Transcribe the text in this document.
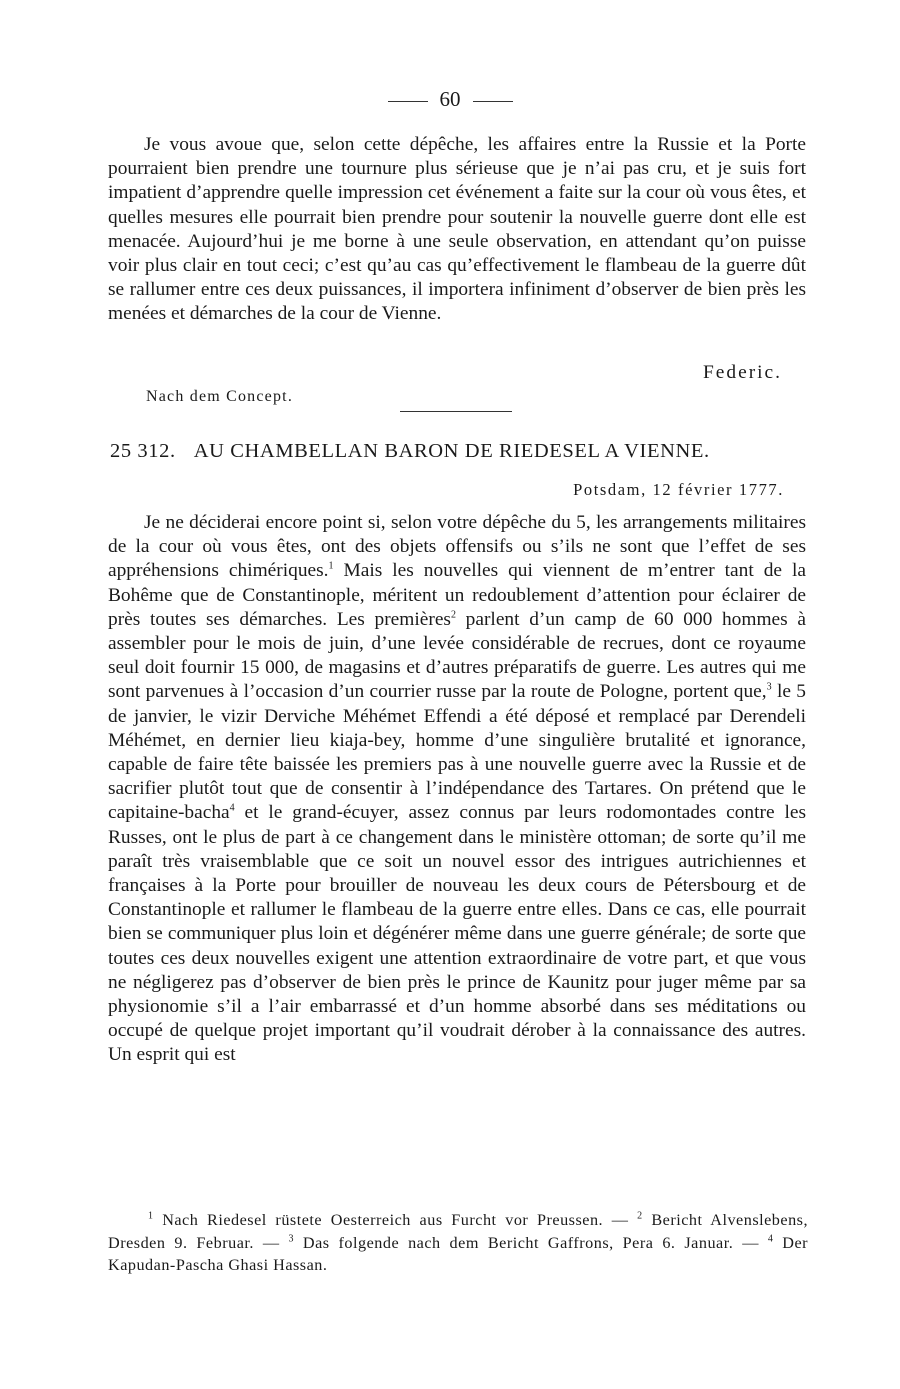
60
Je vous avoue que, selon cette dépêche, les affaires entre la Russie et la Porte pourraient bien prendre une tournure plus sérieuse que je n’ai pas cru, et je suis fort impatient d’apprendre quelle impression cet événement a faite sur la cour où vous êtes, et quelles mesures elle pourrait bien prendre pour soutenir la nouvelle guerre dont elle est menacée. Aujourd’hui je me borne à une seule observation, en attendant qu’on puisse voir plus clair en tout ceci; c’est qu’au cas qu’effectivement le flambeau de la guerre dût se rallumer entre ces deux puissances, il importera infiniment d’observer de bien près les menées et démarches de la cour de Vienne.
Federic.
Nach dem Concept.
25 312. AU CHAMBELLAN BARON DE RIEDESEL A VIENNE.
Potsdam, 12 février 1777.
Je ne déciderai encore point si, selon votre dépêche du 5, les arrangements militaires de la cour où vous êtes, ont des objets offensifs ou s’ils ne sont que l’effet de ses appréhensions chimériques.$^1$ Mais les nouvelles qui viennent de m’entrer tant de la Bohême que de Constantinople, méritent un redoublement d’attention pour éclairer de près toutes ses démarches. Les premières$^2$ parlent d’un camp de 60 000 hommes à assembler pour le mois de juin, d’une levée considérable de recrues, dont ce royaume seul doit fournir 15 000, de magasins et d’autres préparatifs de guerre. Les autres qui me sont parvenues à l’occasion d’un courrier russe par la route de Pologne, portent que,$^3$ le 5 de janvier, le vizir Derviche Méhémet Effendi a été déposé et remplacé par Derendeli Méhémet, en dernier lieu kiaja-bey, homme d’une singulière brutalité et ignorance, capable de faire tête baissée les premiers pas à une nouvelle guerre avec la Russie et de sacrifier plutôt tout que de consentir à l’indépendance des Tartares. On prétend que le capitaine-bacha$^4$ et le grand-écuyer, assez connus par leurs rodomontades contre les Russes, ont le plus de part à ce changement dans le ministère ottoman; de sorte qu’il me paraît très vraisemblable que ce soit un nouvel essor des intrigues autrichiennes et françaises à la Porte pour brouiller de nouveau les deux cours de Pétersbourg et de Constantinople et rallumer le flambeau de la guerre entre elles. Dans ce cas, elle pourrait bien se communiquer plus loin et dégénérer même dans une guerre générale; de sorte que toutes ces deux nouvelles exigent une attention extraordinaire de votre part, et que vous ne négligerez pas d’observer de bien près le prince de Kaunitz pour juger même par sa physionomie s’il a l’air embarrassé et d’un homme absorbé dans ses méditations ou occupé de quelque projet important qu’il voudrait dérober à la connaissance des autres. Un esprit qui est
$^1$ Nach Riedesel rüstete Oesterreich aus Furcht vor Preussen. — $^2$ Bericht Alvenslebens, Dresden 9. Februar. — $^3$ Das folgende nach dem Bericht Gaffrons, Pera 6. Januar. — $^4$ Der Kapudan-Pascha Ghasi Hassan.
